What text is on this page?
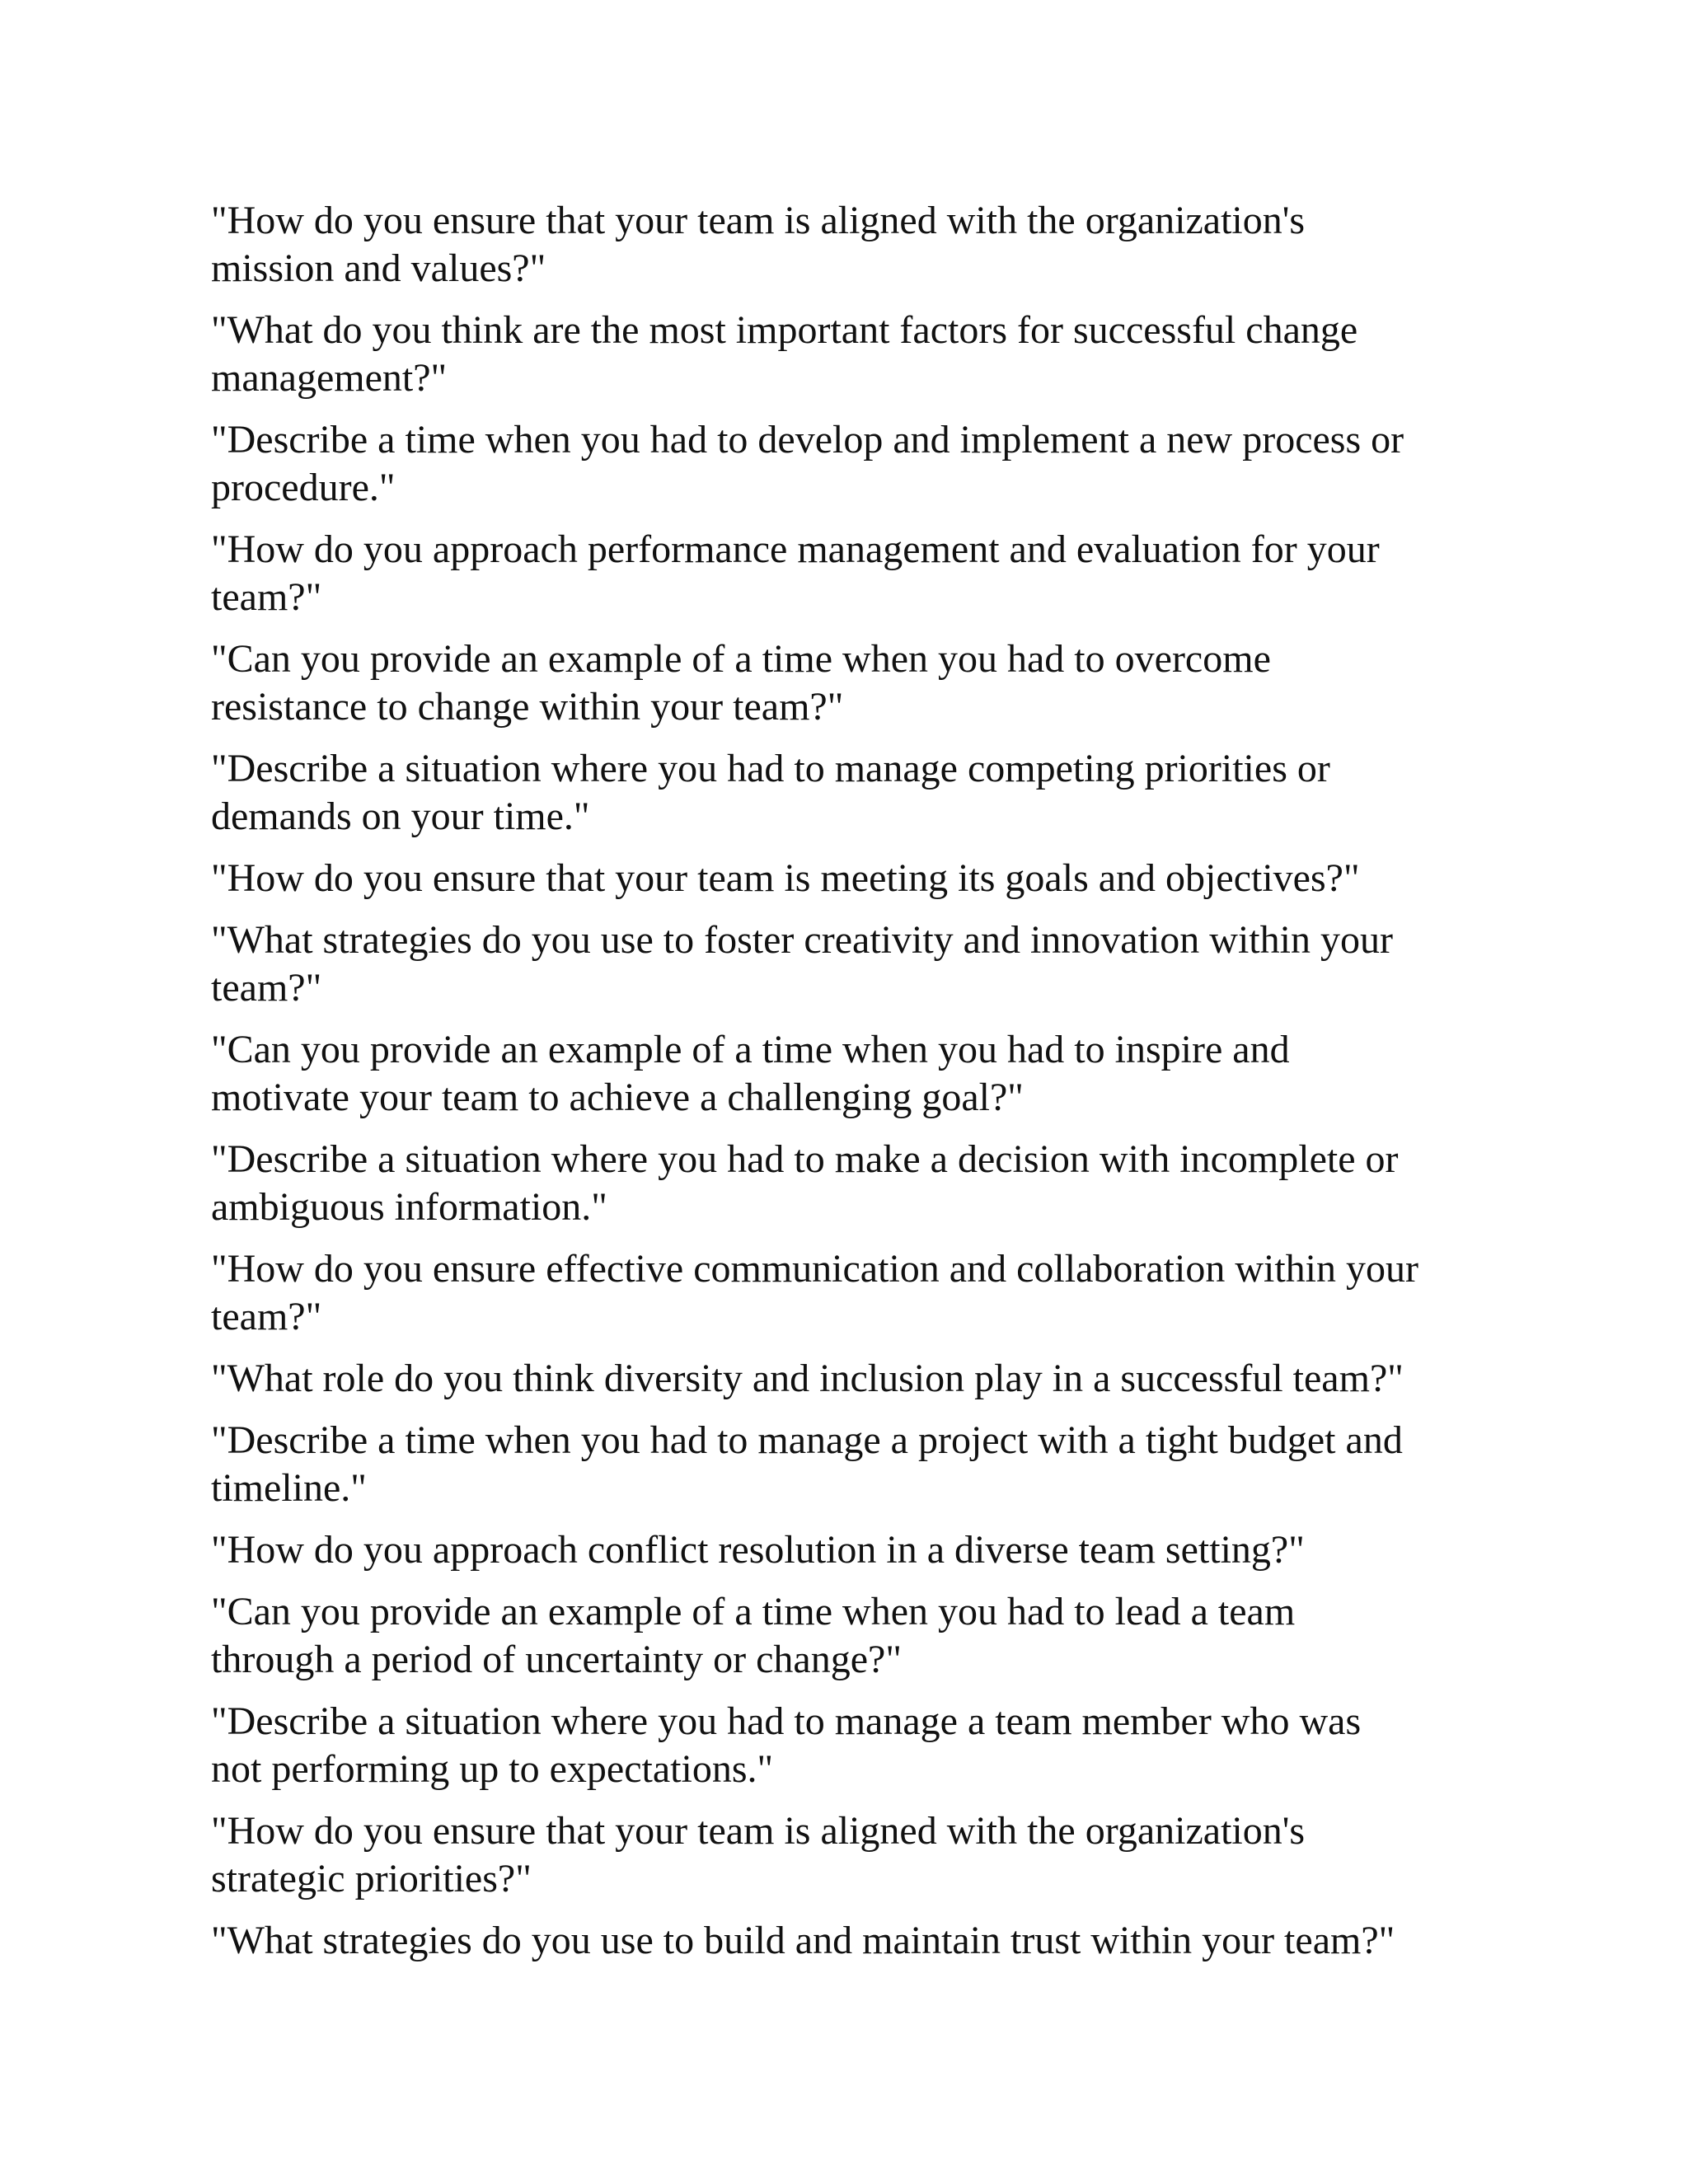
"How do you ensure that your team is aligned with the organization's
mission and values?"

"What do you think are the most important factors for successful change
management?"

"Describe a time when you had to develop and implement a new process or
procedure."

"How do you approach performance management and evaluation for your
team?"

"Can you provide an example of a time when you had to overcome
resistance to change within your team?"

"Describe a situation where you had to manage competing priorities or
demands on your time."

"How do you ensure that your team is meeting its goals and objectives?"

"What strategies do you use to foster creativity and innovation within your
team?"

"Can you provide an example of a time when you had to inspire and
motivate your team to achieve a challenging goal?"

"Describe a situation where you had to make a decision with incomplete or
ambiguous information."

"How do you ensure effective communication and collaboration within your
team?"

"What role do you think diversity and inclusion play in a successful team?"

"Describe a time when you had to manage a project with a tight budget and
timeline."

"How do you approach conflict resolution in a diverse team setting?"

"Can you provide an example of a time when you had to lead a team
through a period of uncertainty or change?"

"Describe a situation where you had to manage a team member who was
not performing up to expectations."

"How do you ensure that your team is aligned with the organization's
strategic priorities?"

"What strategies do you use to build and maintain trust within your team?"
